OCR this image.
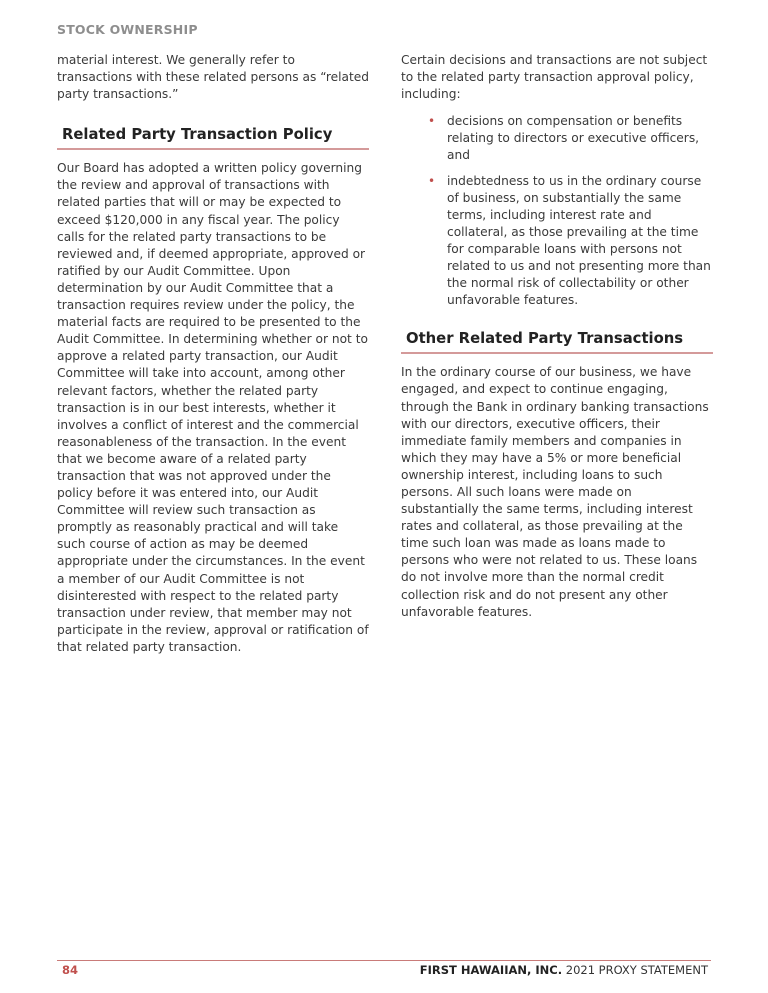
STOCK OWNERSHIP

material interest. We generally refer to transactions with these related persons as “related party transactions.”

Related Party Transaction Policy

Our Board has adopted a written policy governing the review and approval of transactions with related parties that will or may be expected to exceed $120,000 in any fiscal year. The policy calls for the related party transactions to be reviewed and, if deemed appropriate, approved or ratified by our Audit Committee. Upon determination by our Audit Committee that a transaction requires review under the policy, the material facts are required to be presented to the Audit Committee. In determining whether or not to approve a related party transaction, our Audit Committee will take into account, among other relevant factors, whether the related party transaction is in our best interests, whether it involves a conflict of interest and the commercial reasonableness of the transaction. In the event that we become aware of a related party transaction that was not approved under the policy before it was entered into, our Audit Committee will review such transaction as promptly as reasonably practical and will take such course of action as may be deemed appropriate under the circumstances. In the event a member of our Audit Committee is not disinterested with respect to the related party transaction under review, that member may not participate in the review, approval or ratification of that related party transaction.

Certain decisions and transactions are not subject to the related party transaction approval policy, including:

• decisions on compensation or benefits relating to directors or executive officers, and
• indebtedness to us in the ordinary course of business, on substantially the same terms, including interest rate and collateral, as those prevailing at the time for comparable loans with persons not related to us and not presenting more than the normal risk of collectability or other unfavorable features.
Other Related Party Transactions

In the ordinary course of our business, we have engaged, and expect to continue engaging, through the Bank in ordinary banking transactions with our directors, executive officers, their immediate family members and companies in which they may have a 5% or more beneficial ownership interest, including loans to such persons. All such loans were made on substantially the same terms, including interest rates and collateral, as those prevailing at the time such loan was made as loans made to persons who were not related to us. These loans do not involve more than the normal credit collection risk and do not present any other unfavorable features.

84	FIRST HAWAIIAN, INC. 2021 PROXY STATEMENT
